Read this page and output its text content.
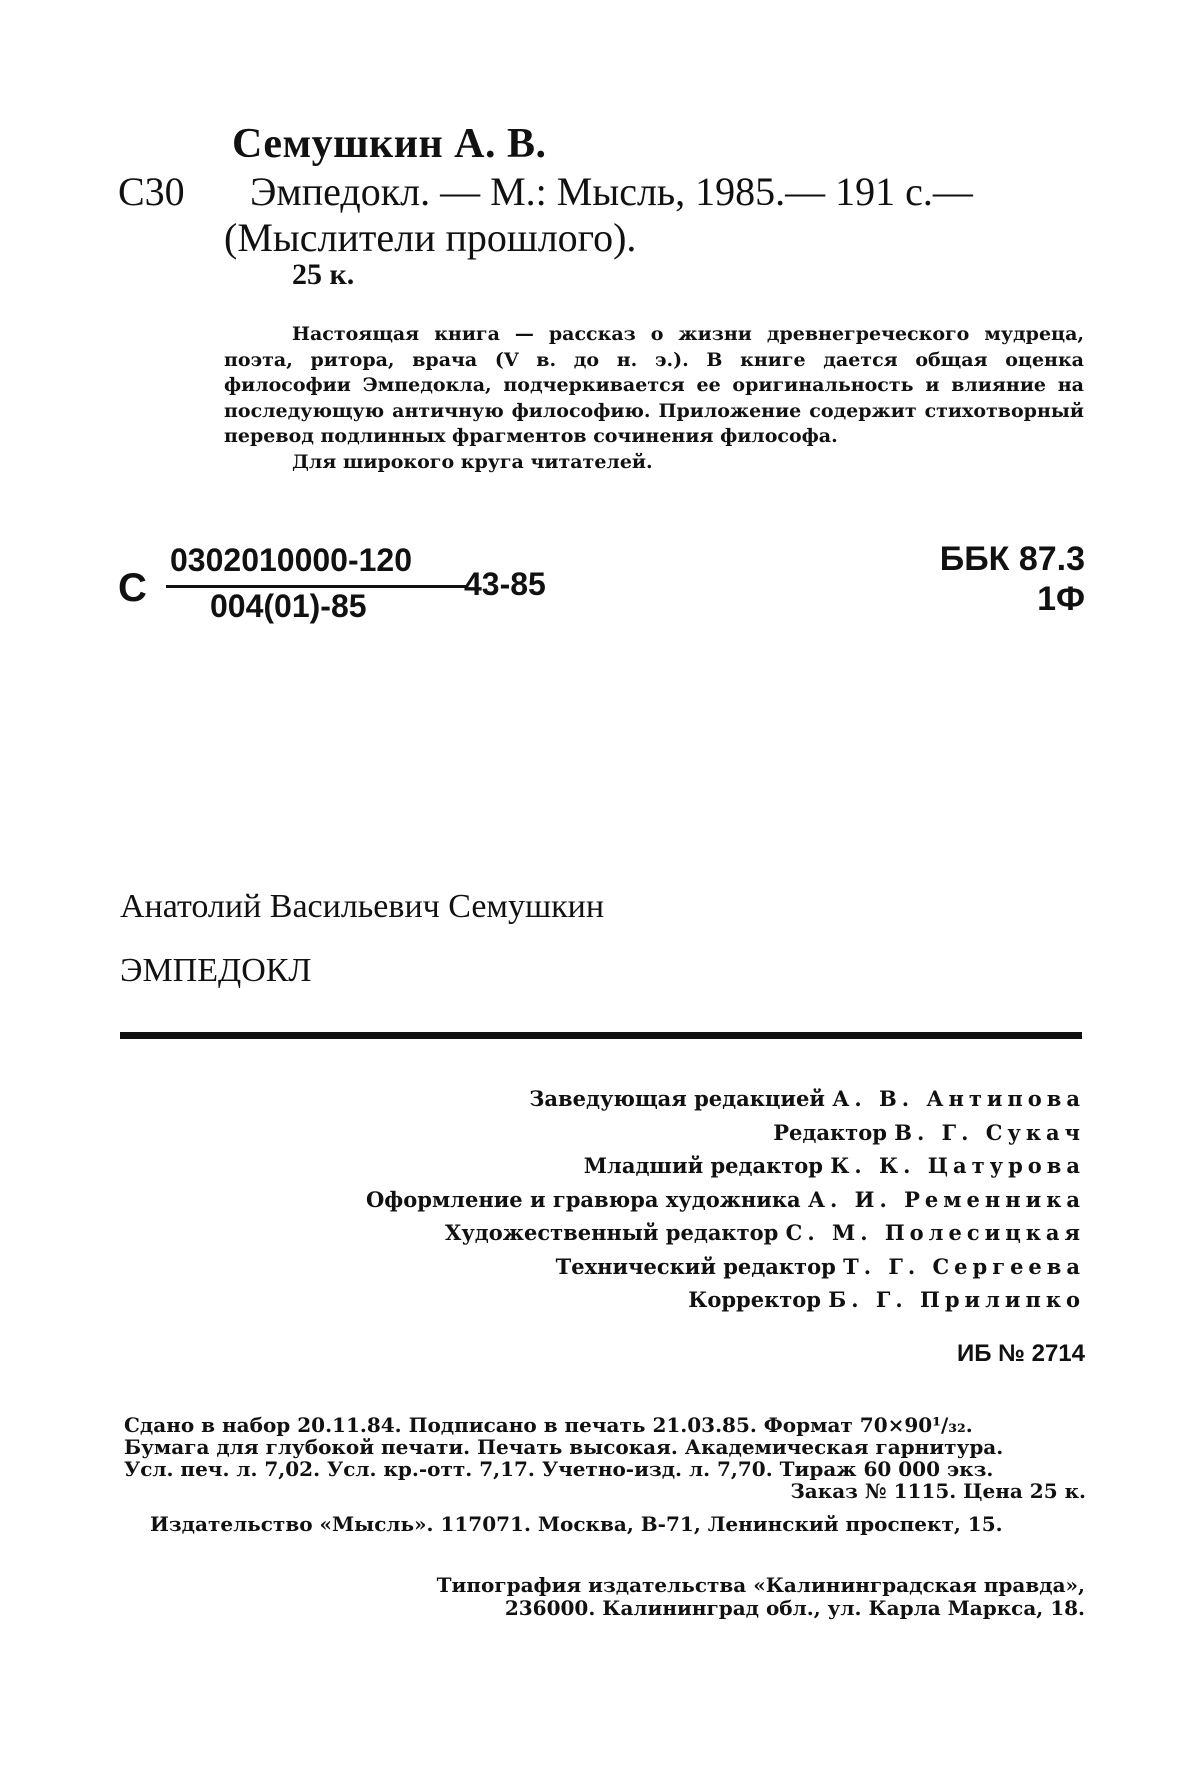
Семушкин А. В.
С30 Эмпедокл. — М.: Мысль, 1985.— 191 с.—
(Мыслители прошлого).
25 к.

Настоящая книга — рассказ о жизни древнегреческого мудреца, поэта, ритора, врача (V в. до н. э.). В книге дается общая оценка философии Эмпедокла, подчеркивается ее оригинальность и влияние на последующую античную философию. Приложение содержит стихотворный перевод подлинных фрагментов сочинения философа.

Для широкого круга читателей.

С
0302010000-120
004(01)-85
43-85
ББК 87.3
1Ф
Анатолий Васильевич Семушкин
ЭМПЕДОКЛ
Заведующая редакцией А. В. Антипова
Редактор В. Г. Сукач
Младший редактор К. К. Цатурова
Оформление и гравюра художника А. И. Ременника
Художественный редактор С. М. Полесицкая
Технический редактор Т. Г. Сергеева
Корректор Б. Г. Прилипко
ИБ № 2714
Сдано в набор 20.11.84. Подписано в печать 21.03.85. Формат 70×90¹/₃₂.
Бумага для глубокой печати. Печать высокая. Академическая гарнитура.
Усл. печ. л. 7,02. Усл. кр.-отт. 7,17. Учетно-изд. л. 7,70. Тираж 60 000 экз.
Заказ № 1115. Цена 25 к.
Издательство «Мысль». 117071. Москва, В-71, Ленинский проспект, 15.
Типография издательства «Калининградская правда»,
236000. Калининград обл., ул. Карла Маркса, 18.
